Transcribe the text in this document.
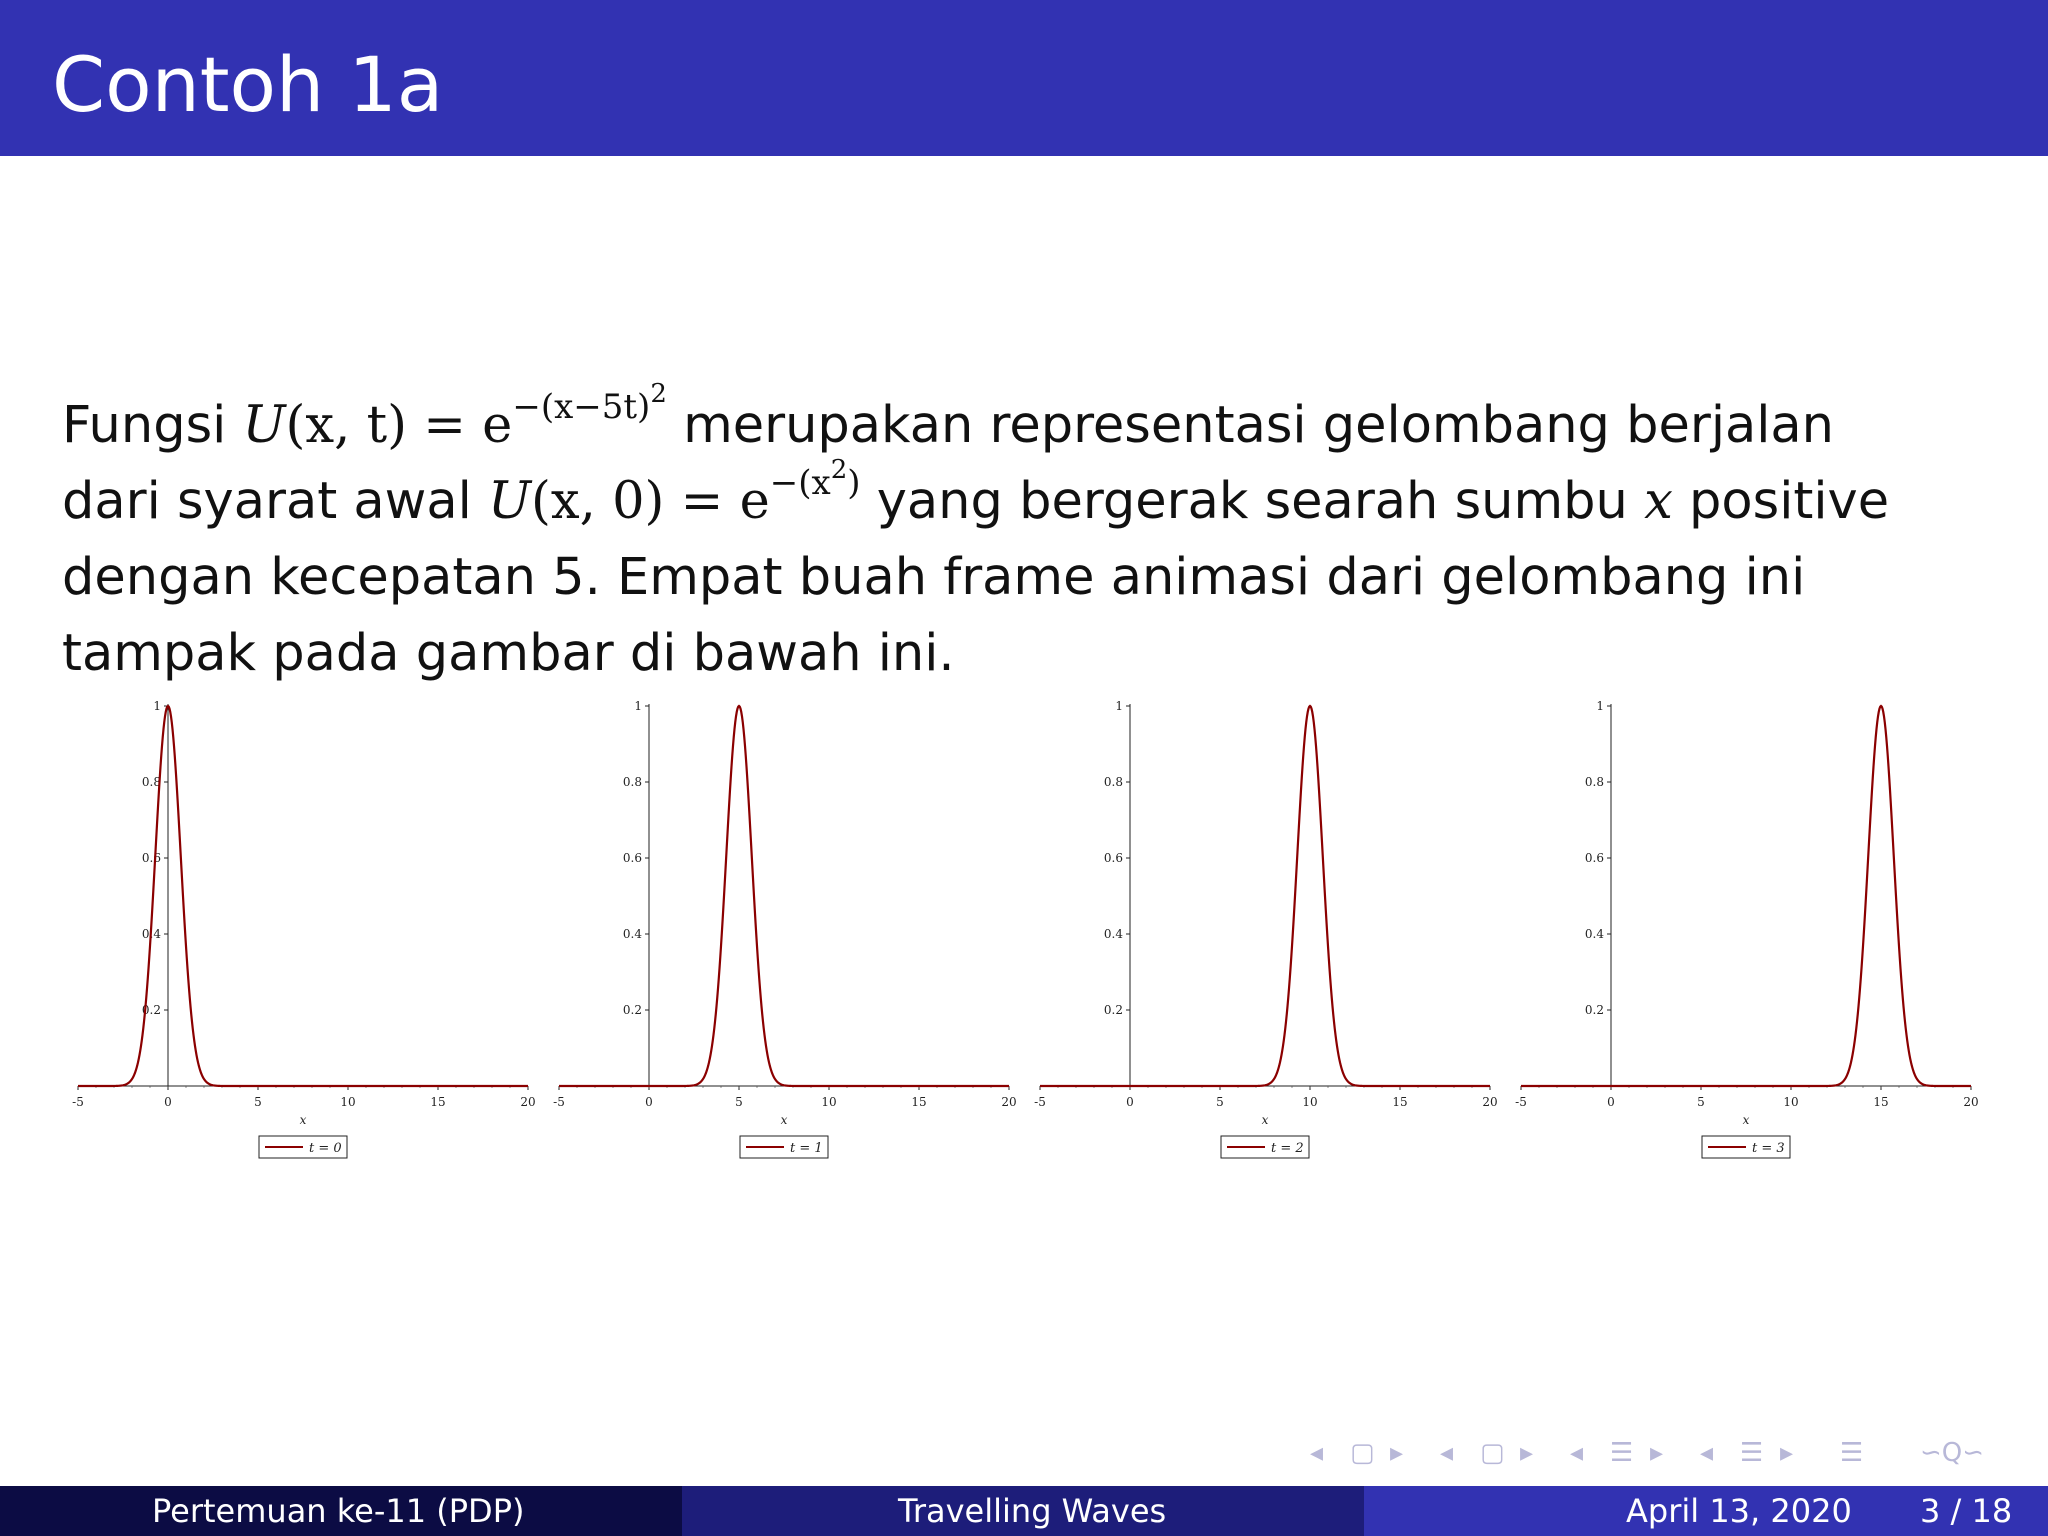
Contoh 1a
Fungsi U(x, $t) = e^{-(x-5t)^2}$ merupakan representasi gelombang berjalan
dari syarat awal U(x, $0) = e^{-(x^2)}$ yang bergerak searah sumbu x positive
dengan kecepatan 5. Empat buah frame animasi dari gelombang ini
tampak pada gambar di bawah ini.
-5	0	5	10	15	20
0.2
0.4
0.6
0.8
1
x
t = 0
-5	0	5	10	15	20
0.2
0.4
0.6
0.8
1
x
t = 1
-5	0	5	10	15	20
0.2
0.4
0.6
0.8
1
x
t = 2
-5	0	5	10	15	20
0.2
0.4
0.6
0.8
1
x
t = 3
◂ ▢ ▸ ◂ ▢ ▸ ◂ ☰ ▸ ◂ ☰ ▸ ☰ ∽Q∽
Pertemuan ke-11 (PDP)	Travelling Waves	April 13, 2020 3 / 18
